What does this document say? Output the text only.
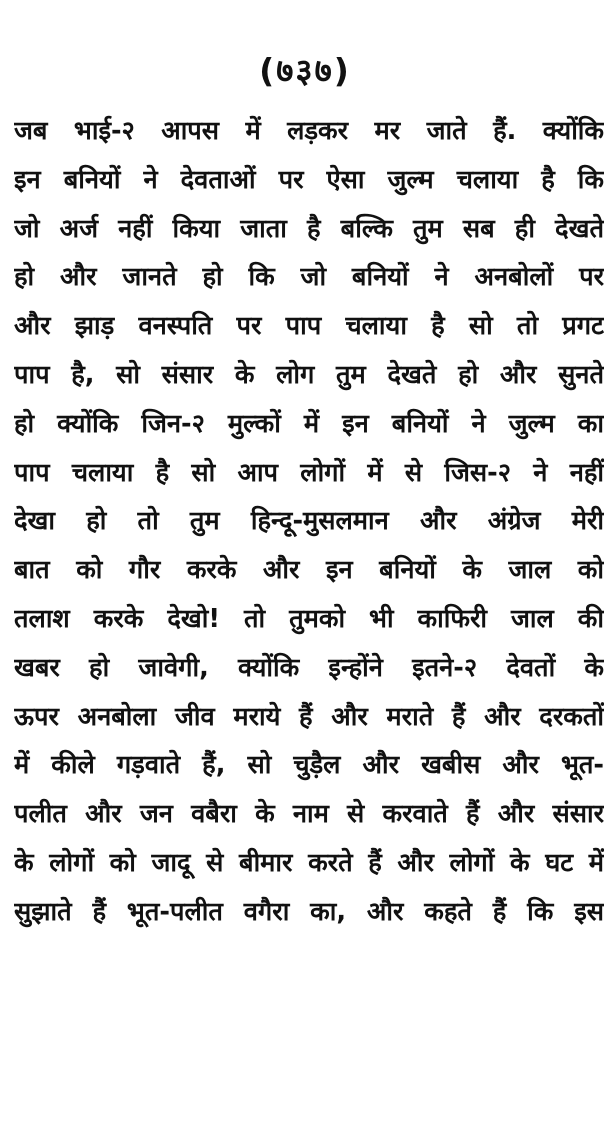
(७३७)
जब भाई-२ आपस में लड़कर मर जाते हैं. क्योंकि
इन बनियों ने देवताओं पर ऐसा जुल्म चलाया है कि
जो अर्ज नहीं किया जाता है बल्कि तुम सब ही देखते
हो और जानते हो कि जो बनियों ने अनबोलों पर
और झाड़ वनस्पति पर पाप चलाया है सो तो प्रगट
पाप है, सो संसार के लोग तुम देखते हो और सुनते
हो क्योंकि जिन-२ मुल्कों में इन बनियों ने जुल्म का
पाप चलाया है सो आप लोगों में से जिस-२ ने नहीं
देखा हो तो तुम हिन्दू-मुसलमान और अंग्रेज मेरी
बात को गौर करके और इन बनियों के जाल को
तलाश करके देखो! तो तुमको भी काफिरी जाल की
खबर हो जावेगी, क्योंकि इन्होंने इतने-२ देवतों के
ऊपर अनबोला जीव मराये हैं और मराते हैं और दरकतों
में कीले गड़वाते हैं, सो चुड़ैल और खबीस और भूत-
पलीत और जन वबैरा के नाम से करवाते हैं और संसार
के लोगों को जादू से बीमार करते हैं और लोगों के घट में
सुझाते हैं भूत-पलीत वगैरा का, और कहते हैं कि इस
